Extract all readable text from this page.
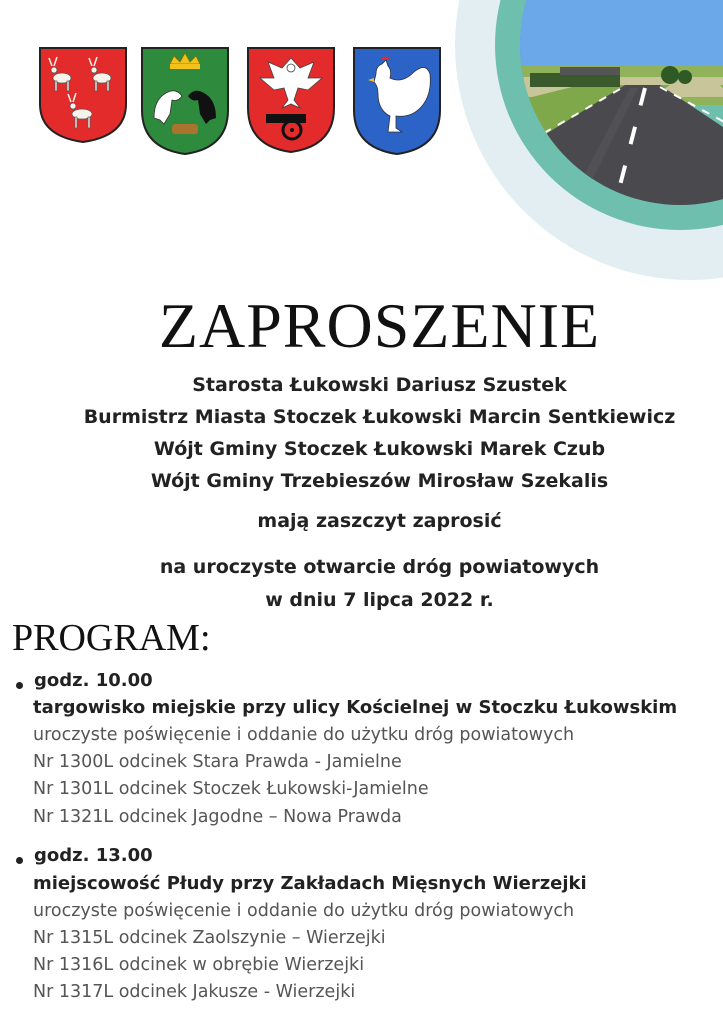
ZAPROSZENIE
Starosta Łukowski Dariusz Szustek
Burmistrz Miasta Stoczek Łukowski Marcin Sentkiewicz
Wójt Gminy Stoczek Łukowski Marek Czub
Wójt Gminy Trzebieszów Mirosław Szekalis
mają zaszczyt zaprosić
na uroczyste otwarcie dróg powiatowych
w dniu 7 lipca 2022 r.
PROGRAM:
godz. 10.00
targowisko miejskie przy ulicy Kościelnej w Stoczku Łukowskim
uroczyste poświęcenie i oddanie do użytku dróg powiatowych
Nr 1300L odcinek Stara Prawda - Jamielne
Nr 1301L odcinek Stoczek Łukowski-Jamielne
Nr 1321L odcinek Jagodne – Nowa Prawda
godz. 13.00
miejscowość Płudy przy Zakładach Mięsnych Wierzejki
uroczyste poświęcenie i oddanie do użytku dróg powiatowych
Nr 1315L odcinek Zaolszynie – Wierzejki
Nr 1316L odcinek w obrębie Wierzejki
Nr 1317L odcinek Jakusze - Wierzejki
